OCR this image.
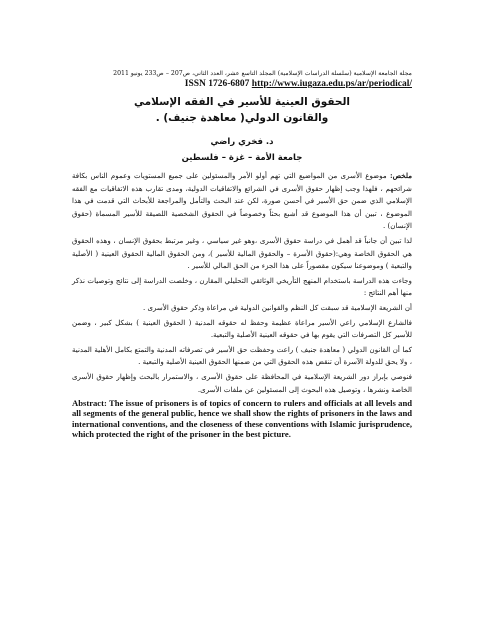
مجلة الجامعة الإسلامية (سلسلة الدراسات الإسلامية) المجلد التاسع عشر، العدد الثاني، ص207 – ص233 يونيو 2011
ISSN 1726-6807 http://www.iugaza.edu.ps/ar/periodical/
الحقوق العينية للأسير في الفقه الإسلامي
والقانون الدولي( معاهدة جنيف) .
د. فخري راضي
جامعة الأمة – غزة – فلسطين

ملخص: موضوع الأسرى من المواضيع التي تهم أولو الأمر والمسئولين على جميع المستويات وعموم الناس بكافة شرائحهم ، فلهذا وجب إظهار حقوق الأسرى في الشرائع والاتفاقيات الدولية، ومدى تقارب هذه الاتفاقيات مع الفقه الإسلامي الذي ضمن حق الأسير في أحسن صورة، لكن عند البحث والتأمل والمراجعة للأبحاث التي قدمت في هذا الموضوع ، تبين أن هذا الموضوع قد أشبع بحثاً وخصوصاً في الحقوق الشخصية اللصيقة للأسير المسماة (حقوق الإنسان) .

لذا تبين أن جانباً قد أهمل في دراسة حقوق الأسرى ،وهو غير سياسي ، وغير مرتبط بحقوق الإنسان ، وهذه الحقوق هي الحقوق الخاصة وهي:(حقوق الأسرة – والحقوق المالية للأسير )، ومن الحقوق المالية الحقوق العينية ( الأصلية والتبعية ) وموضوعنا سيكون مقصوراً على هذا الجزء من الحق المالي للأسير .

وجاءت هذه الدراسة باستخدام المنهج التأريخي الوثائقي التحليلي المقارن ، وخلصت الدراسة إلى نتائج وتوصيات نذكر منها أهم النتائج :

أن الشريعة الإسلامية قد سبقت كل النظم والقوانين الدولية في مراعاة وذكر حقوق الأسرى .

فالشارع الإسلامي راعي الأسير مراعاة عظيمة وحفظ له حقوقه المدنية ( الحقوق العينية ) بشكل كبير ، وضمن للأسير كل التصرفات التي يقوم بها في حقوقه العينية الأصلية والتبعية.

كما أن القانون الدولي ( معاهدة جنيف ) راعت وحفظت حق الأسير في تصرفاته المدنية والتمتع بكامل الأهلية المدنية ، ولا يحق للدولة الآسرة أن تنقض هذه الحقوق التي من ضمنها الحقوق العينية الأصلية والتبعية .

فنوصي بإبراز دور الشريعة الإسلامية في المحافظة على حقوق الأسرى ، والاستمرار بالبحث وإظهار حقوق الأسرى الخاصة ونشرها ، وتوصيل هذه البحوث إلى المسئولين عن ملفات الأسرى.

Abstract: The issue of prisoners is of topics of concern to rulers and officials at all levels and all segments of the general public, hence we shall show the rights of prisoners in the laws and international conventions, and the closeness of these conventions with Islamic jurisprudence, which protected the right of the prisoner in the best picture.
